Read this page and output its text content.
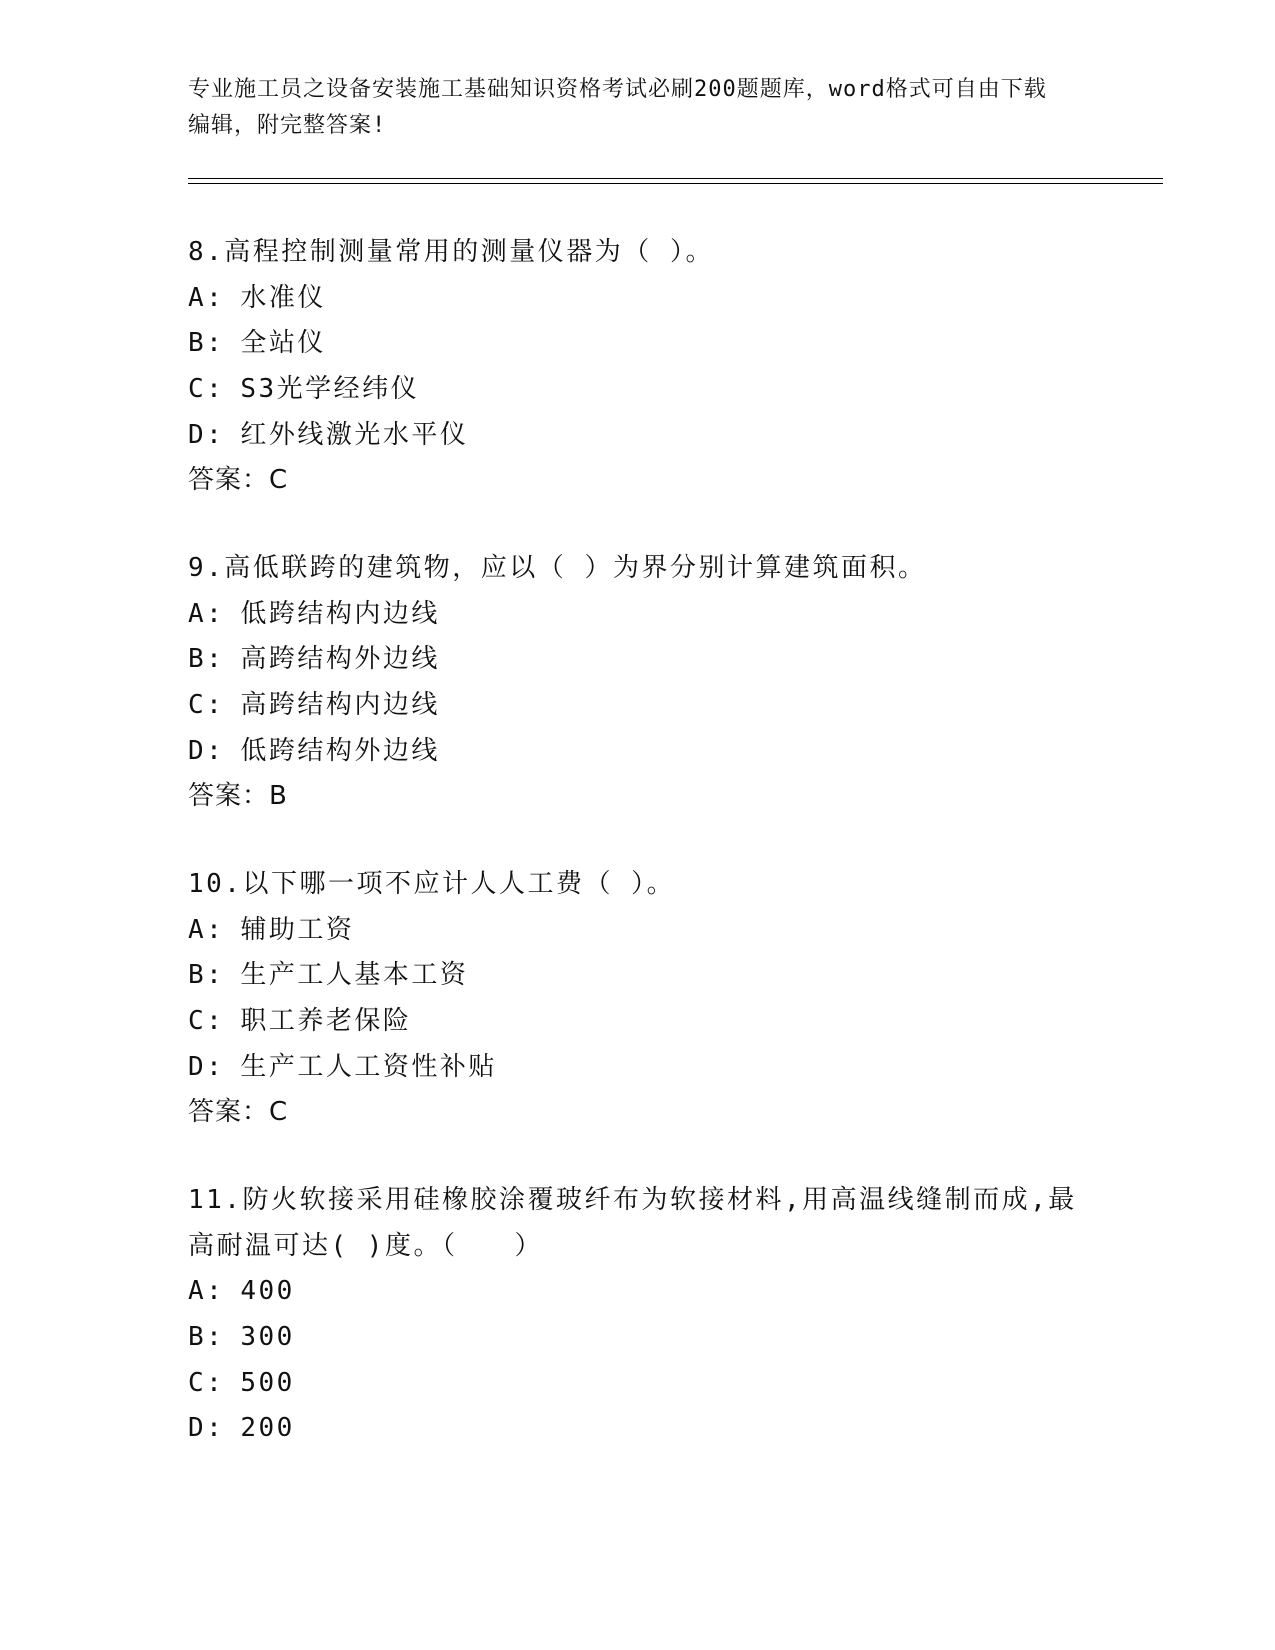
专业施工员之设备安装施工基础知识资格考试必刷200题题库，word格式可自由下载编辑，附完整答案!

8.高程控制测量常用的测量仪器为（ ）。

A: 水准仪

B: 全站仪

C: S3光学经纬仪

D: 红外线激光水平仪

答案：C

9.高低联跨的建筑物，应以（ ）为界分别计算建筑面积。

A: 低跨结构内边线

B: 高跨结构外边线

C: 高跨结构内边线

D: 低跨结构外边线

答案：B

10.以下哪一项不应计人人工费（ ）。

A: 辅助工资

B: 生产工人基本工资

C: 职工养老保险

D: 生产工人工资性补贴

答案：C

11.防火软接采用硅橡胶涂覆玻纤布为软接材料,用高温线缝制而成,最高耐温可达( )度。（　　）

A: 400

B: 300

C: 500

D: 200
